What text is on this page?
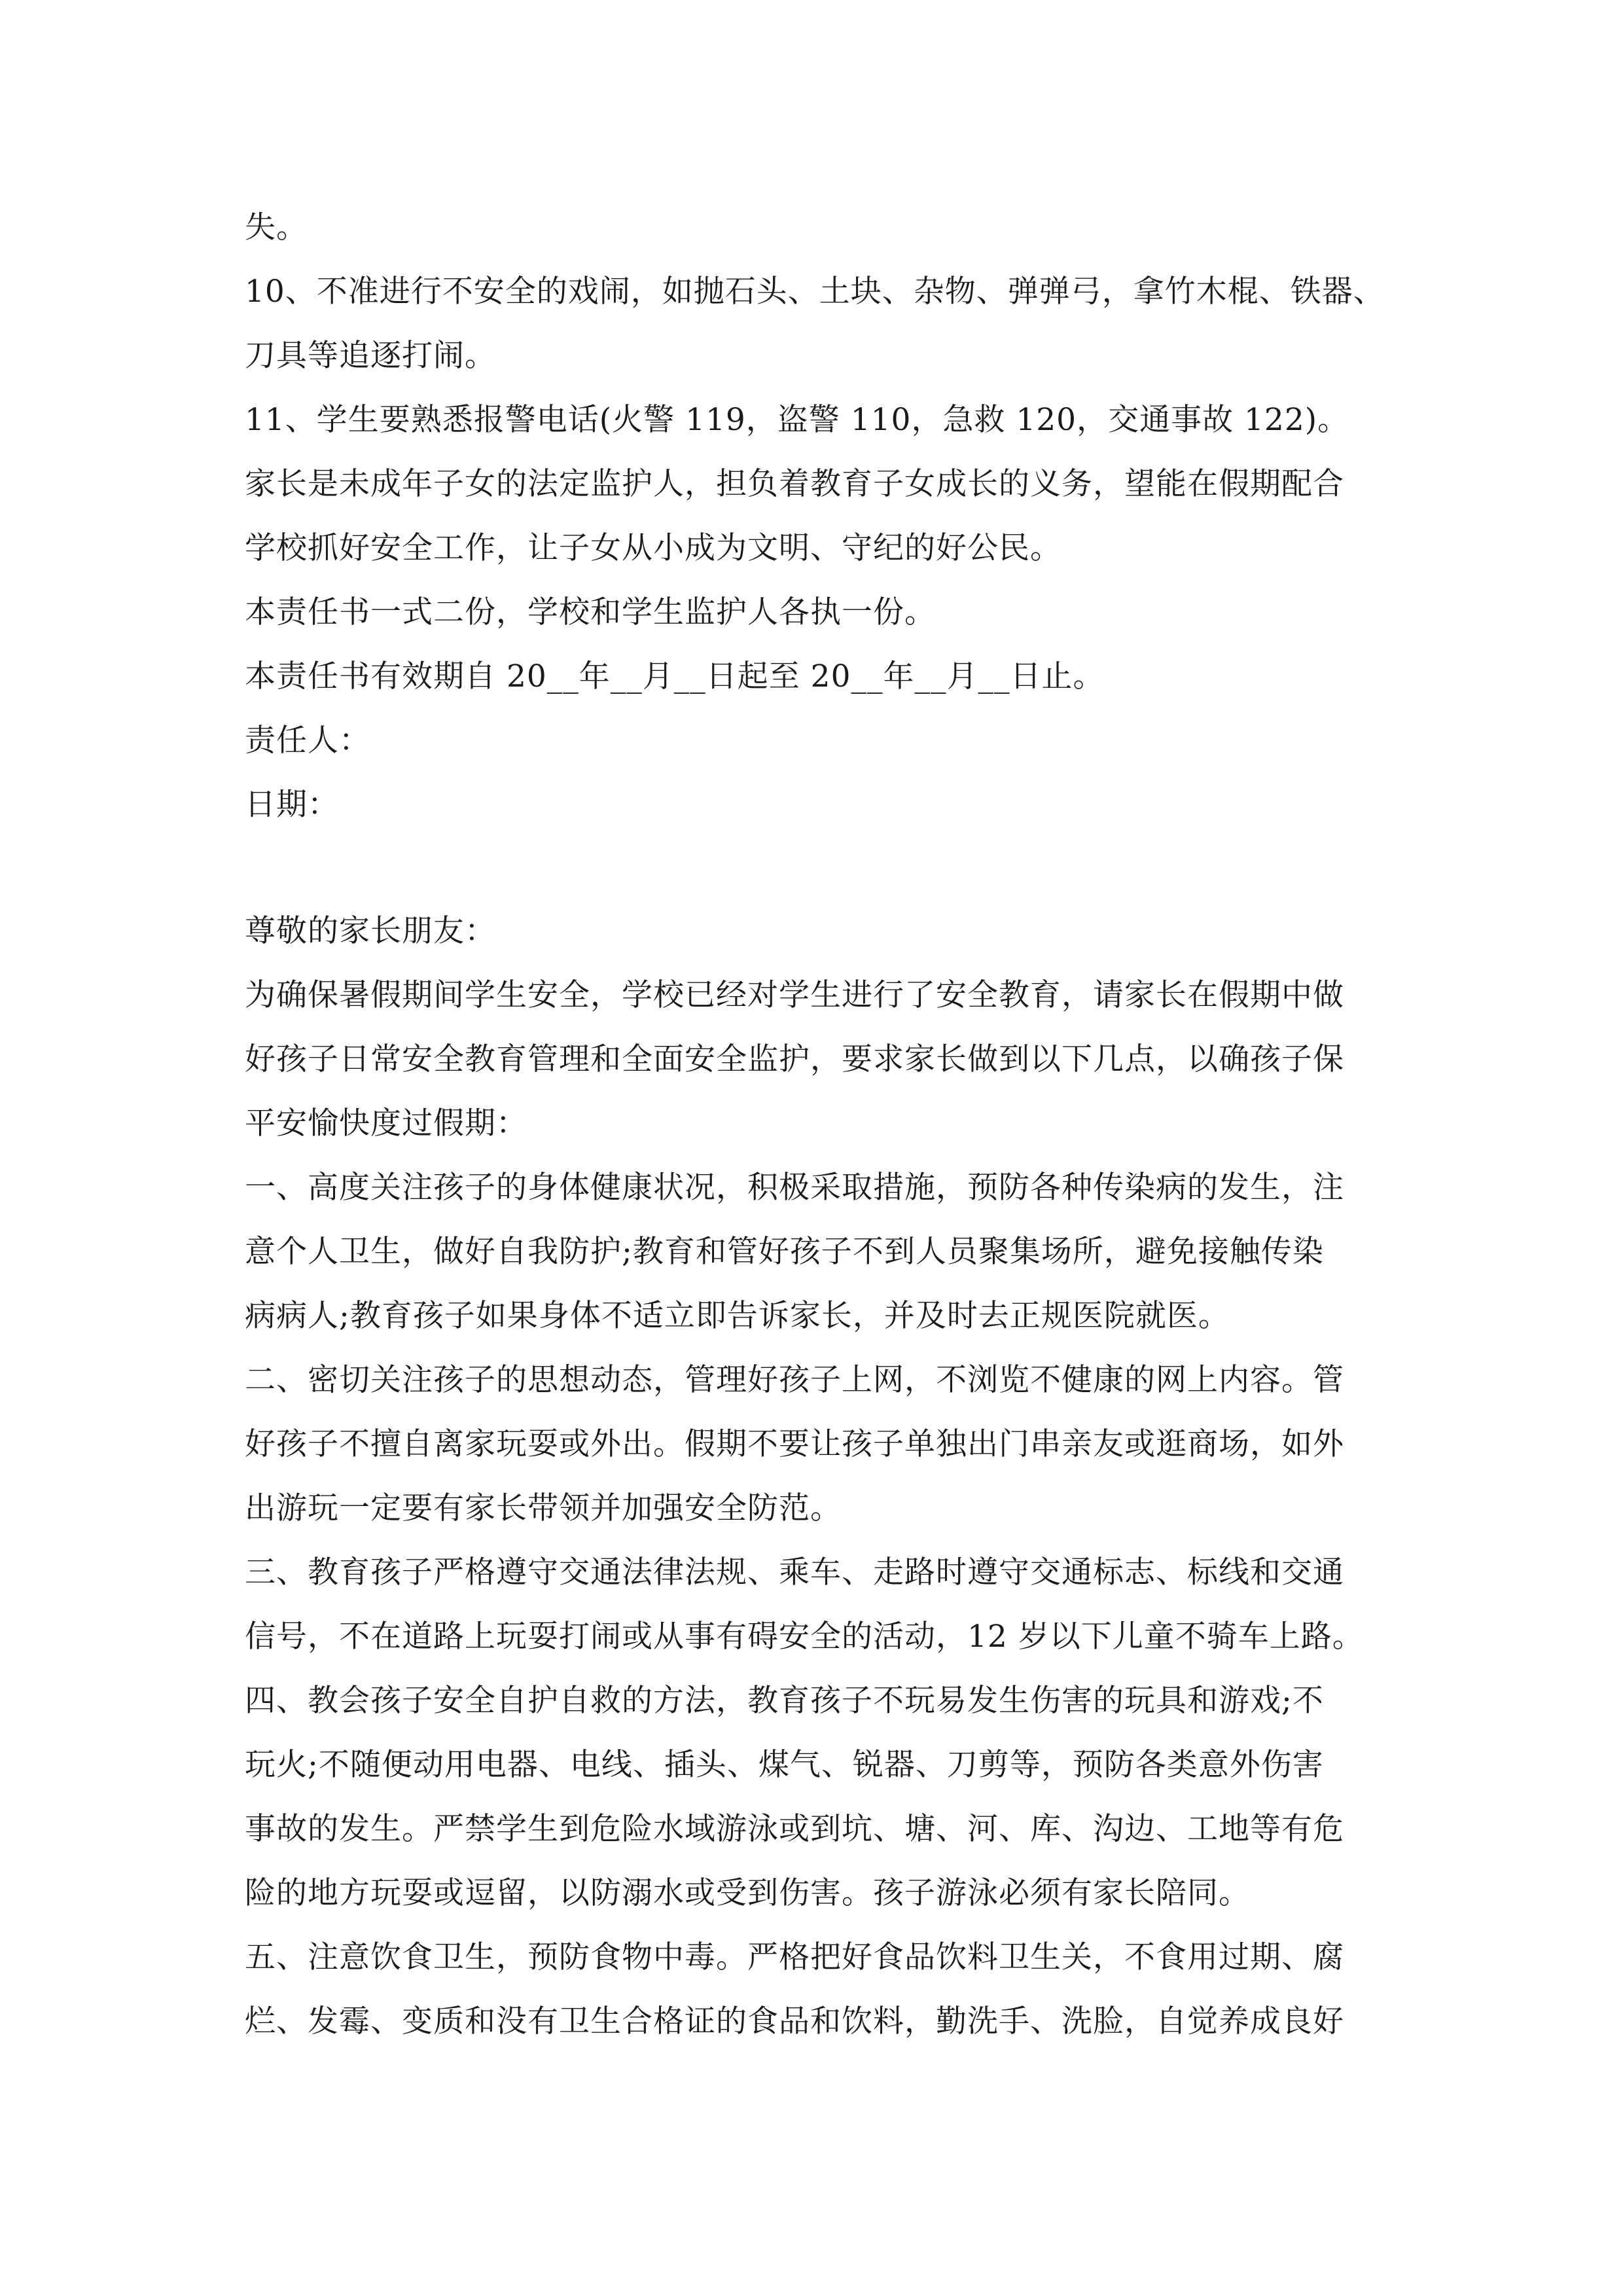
失。
10、不准进行不安全的戏闹，如抛石头、土块、杂物、弹弹弓，拿竹木棍、铁器、
刀具等追逐打闹。
11、学生要熟悉报警电话(火警 119，盗警 110，急救 120，交通事故 122)。
家长是未成年子女的法定监护人，担负着教育子女成长的义务，望能在假期配合
学校抓好安全工作，让子女从小成为文明、守纪的好公民。
本责任书一式二份，学校和学生监护人各执一份。
本责任书有效期自 20__年__月__日起至 20__年__月__日止。
责任人：
日期：
尊敬的家长朋友：
为确保暑假期间学生安全，学校已经对学生进行了安全教育，请家长在假期中做
好孩子日常安全教育管理和全面安全监护，要求家长做到以下几点，以确孩子保
平安愉快度过假期：
一、高度关注孩子的身体健康状况，积极采取措施，预防各种传染病的发生，注
意个人卫生，做好自我防护;教育和管好孩子不到人员聚集场所，避免接触传染
病病人;教育孩子如果身体不适立即告诉家长，并及时去正规医院就医。
二、密切关注孩子的思想动态，管理好孩子上网，不浏览不健康的网上内容。管
好孩子不擅自离家玩耍或外出。假期不要让孩子单独出门串亲友或逛商场，如外
出游玩一定要有家长带领并加强安全防范。
三、教育孩子严格遵守交通法律法规、乘车、走路时遵守交通标志、标线和交通
信号，不在道路上玩耍打闹或从事有碍安全的活动，12 岁以下儿童不骑车上路。
四、教会孩子安全自护自救的方法，教育孩子不玩易发生伤害的玩具和游戏;不
玩火;不随便动用电器、电线、插头、煤气、锐器、刀剪等，预防各类意外伤害
事故的发生。严禁学生到危险水域游泳或到坑、塘、河、库、沟边、工地等有危
险的地方玩耍或逗留，以防溺水或受到伤害。孩子游泳必须有家长陪同。
五、注意饮食卫生，预防食物中毒。严格把好食品饮料卫生关，不食用过期、腐
烂、发霉、变质和没有卫生合格证的食品和饮料，勤洗手、洗脸，自觉养成良好
